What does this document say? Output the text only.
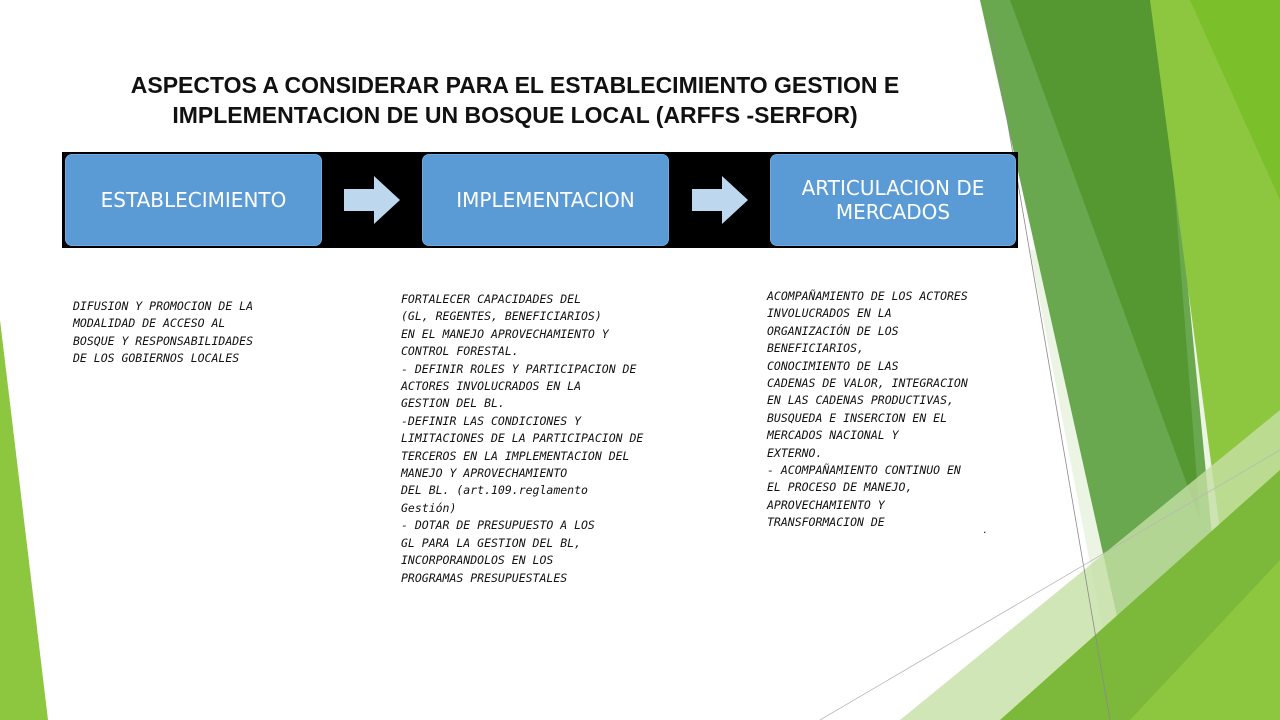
ASPECTOS A CONSIDERAR PARA EL ESTABLECIMIENTO GESTION E
IMPLEMENTACION DE UN BOSQUE LOCAL (ARFFS -SERFOR)
ESTABLECIMIENTO	IMPLEMENTACION	ARTICULACION DE
MERCADOS
DIFUSION Y PROMOCION DE LA
MODALIDAD DE ACCESO AL
BOSQUE Y RESPONSABILIDADES
DE LOS GOBIERNOS LOCALES
FORTALECER CAPACIDADES DEL
(GL, REGENTES, BENEFICIARIOS)
EN EL MANEJO APROVECHAMIENTO Y
CONTROL FORESTAL.
- DEFINIR ROLES Y PARTICIPACION DE
ACTORES INVOLUCRADOS EN LA
GESTION DEL BL.
-DEFINIR LAS CONDICIONES Y
LIMITACIONES DE LA PARTICIPACION DE
TERCEROS EN LA IMPLEMENTACION DEL
MANEJO Y APROVECHAMIENTO
DEL BL. (art.109.reglamento
Gestión)
- DOTAR DE PRESUPUESTO A LOS
GL PARA LA GESTION DEL BL,
INCORPORANDOLOS EN LOS
PROGRAMAS PRESUPUESTALES
ACOMPAÑAMIENTO DE LOS ACTORES
INVOLUCRADOS EN LA
ORGANIZACIÓN DE LOS
BENEFICIARIOS,
CONOCIMIENTO DE LAS
CADENAS DE VALOR, INTEGRACION
EN LAS CADENAS PRODUCTIVAS,
BUSQUEDA E INSERCION EN EL
MERCADOS NACIONAL Y
EXTERNO.
- ACOMPAÑAMIENTO CONTINUO EN
EL PROCESO DE MANEJO,
APROVECHAMIENTO Y
TRANSFORMACION DE	.
